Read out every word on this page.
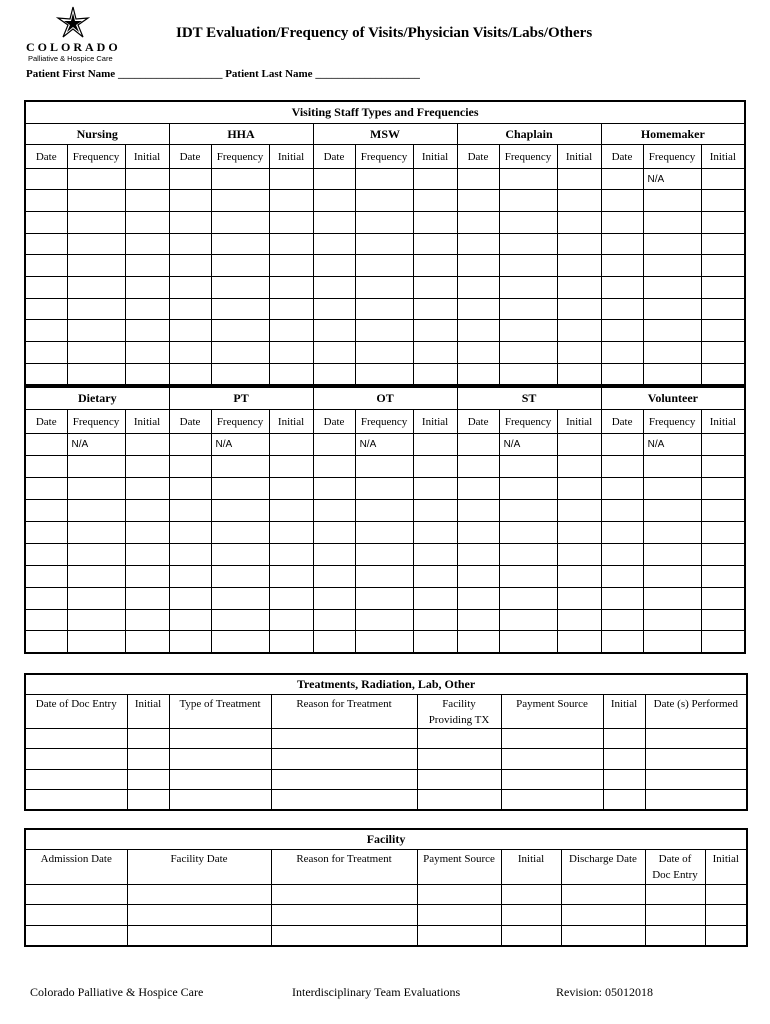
COLORADO
Palliative & Hospice Care
IDT Evaluation/Frequency of Visits/Physician Visits/Labs/Others
Patient First Name ___________________ Patient Last Name ___________________
Visiting Staff Types and Frequencies														
Nursing			HHA			MSW			Chaplain			Homemaker		
Date	Frequency	Initial	Date	Frequency	Initial	Date	Frequency	Initial	Date	Frequency	Initial	Date	Frequency	Initial
													N/A	

Dietary			PT			OT			ST			Volunteer		
Date	Frequency	Initial	Date	Frequency	Initial	Date	Frequency	Initial	Date	Frequency	Initial	Date	Frequency	Initial
	N/A			N/A			N/A			N/A			N/A	

Treatments, Radiation, Lab, Other							
Date of Doc Entry	Initial	Type of Treatment	Reason for Treatment	Facility Providing TX	Payment Source	Initial	Date (s) Performed

Facility							
Admission Date	Facility Date	Reason for Treatment	Payment Source	Initial	Discharge Date	Date of Doc Entry	Initial

Colorado Palliative & Hospice Care	Interdisciplinary Team Evaluations	Revision: 05012018
